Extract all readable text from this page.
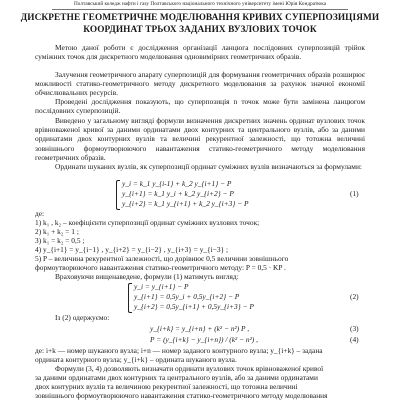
Полтавський коледж нафти і газу Полтавського національного технічного університету імені Юрія Кондратюка
ДИСКРЕТНЕ ГЕОМЕТРИЧНЕ МОДЕЛЮВАННЯ КРИВИХ СУПЕРПОЗИЦІЯМИ
КООРДИНАТ ТРЬОХ ЗАДАНИХ ВУЗЛОВИХ ТОЧОК

Метою даної роботи є дослідження організації ланцюга послідовних суперпозицій трійок суміжних точок для дискретного моделювання одновимірних геометричних образів.

Залучення геометричного апарату суперпозицій для формування геометричних образів розширює можливості статико-геометричного методу дискретного моделювання за рахунок значної економії обчислювальних ресурсів.

Проведені дослідження показують, що суперпозиція n точок може бути замінена ланцюгом послідовних суперпозицій.

Виведено у загальному вигляді формули визначення дискретних значень ординат вузлових точок врівноваженої кривої за даними ординатами двох контурних та центрального вузлів, або за даними ординатами двох контурних вузлів та величині рекурентної залежності, що тотожна величині зовнішнього формоутворюючого навантаження статико-геометричного методу моделювання геометричних образів.

Ординати шуканих вузлів, як суперпозиції ординат суміжних вузлів визначаються за формулами:

y_i = k_1 y_{i-1} + k_2 y_{i+1} − P
y_{i+1} = k_1 y_i + k_2 y_{i+2} − P
y_{i+2} = k_1 y_{i+1} + k_2 y_{i+3} − P
(1)
де:
1) k₁ , k₂ – коефіцієнти суперпозиції ординат суміжних вузлових точок;
2) k₁ + k₂ = 1 ;
3) k₁ = k₂ = 0,5 ;
4) y_{i+1} = y_{i−1} , y_{i+2} = y_{i−2} , y_{i+3} = y_{i−3} ;
5) P – величина рекурентної залежності, що дорівнює 0,5 величини зовнішнього
формоутворюючого навантаження статико-геометричного методу: P = 0,5 · KP .
Враховуючи вищенаведене, формули (1) матимуть вигляд:
y_i = y_{i+1} − P
y_{i+1} = 0,5y_i + 0,5y_{i+2} − P
y_{i+2} = 0,5y_{i+1} + 0,5y_{i+3} − P
(2)
Із (2) одержуємо:
y_{i+k} = y_{i+n} + (k² − n²) P ,	(3)
P = (y_{i+k} − y_{i+n}) / (k² − n²) ,	(4)
де: i+k — номер шуканого вузла; i+n — номер заданого контурного вузла; y_{i+k} – задана
ордината контурного вузла; y_{i+k} – ордината шуканого вузла.
Формули (3, 4) дозволяють визначати ординати вузлових точок врівноваженої кривої
за даними ординатами двох контурних та центрального вузлів, або за даними ординатами
двох контурних вузлів та величиною рекурентної залежності, що тотожна величині
зовнішнього формоутворюючого навантаження статико-геометричного методу моделювання
